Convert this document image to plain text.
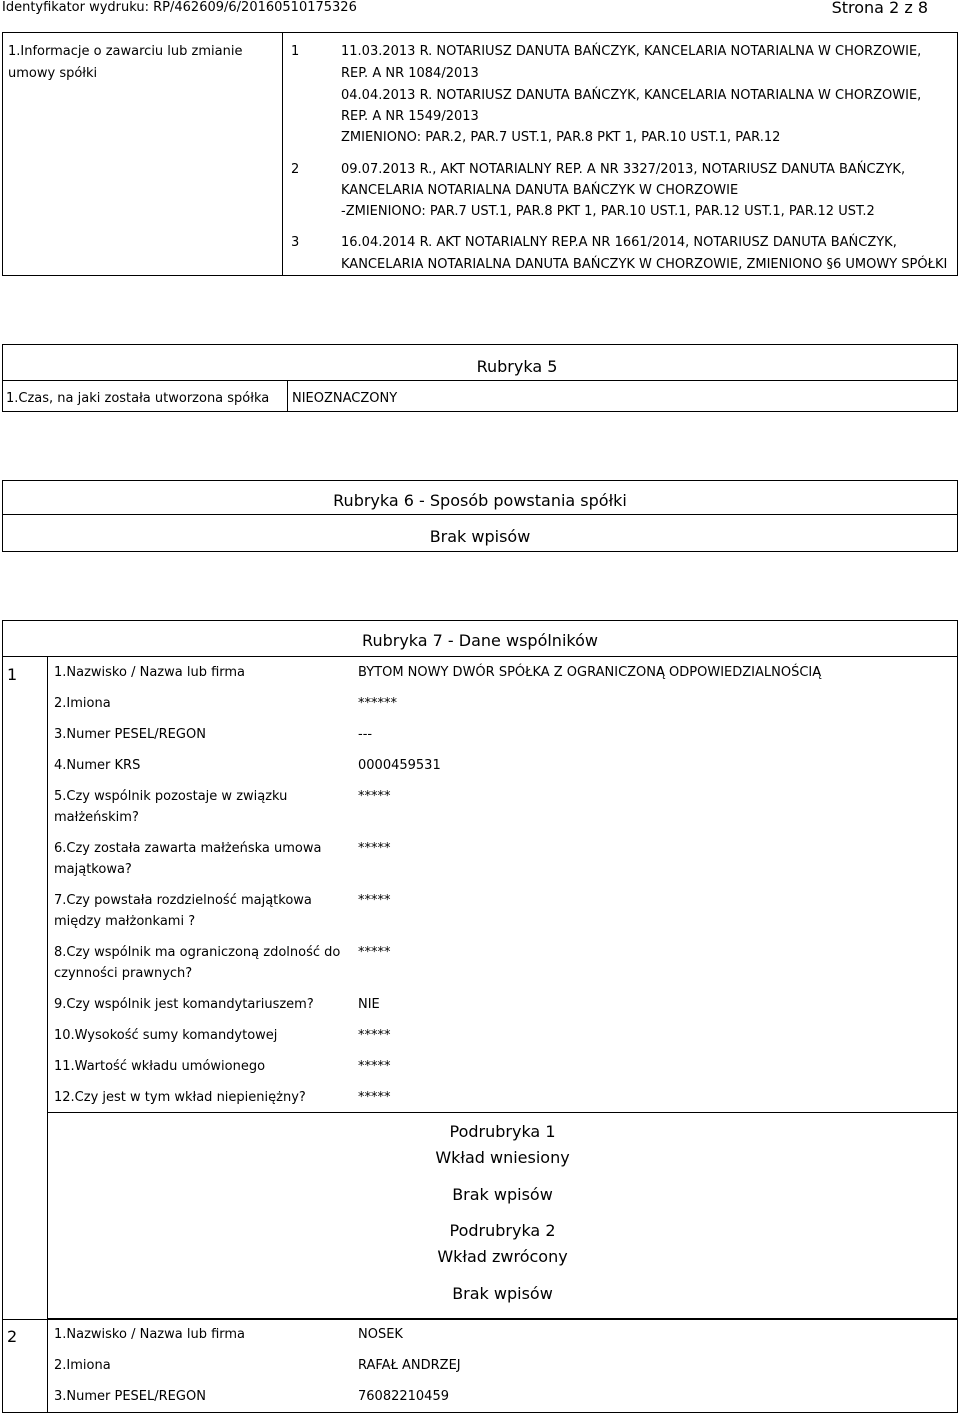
Identyfikator wydruku: RP/462609/6/20160510175326	Strona 2 z 8
1.Informacje o zawarciu lub zmianie
umowy spółki
1	11.03.2013 R. NOTARIUSZ DANUTA BAŃCZYK, KANCELARIA NOTARIALNA W CHORZOWIE,
REP. A NR 1084/2013
04.04.2013 R. NOTARIUSZ DANUTA BAŃCZYK, KANCELARIA NOTARIALNA W CHORZOWIE,
REP. A NR 1549/2013
ZMIENIONO: PAR.2, PAR.7 UST.1, PAR.8 PKT 1, PAR.10 UST.1, PAR.12
2	09.07.2013 R., AKT NOTARIALNY REP. A NR 3327/2013, NOTARIUSZ DANUTA BAŃCZYK,
KANCELARIA NOTARIALNA DANUTA BAŃCZYK W CHORZOWIE
-ZMIENIONO: PAR.7 UST.1, PAR.8 PKT 1, PAR.10 UST.1, PAR.12 UST.1, PAR.12 UST.2
3	16.04.2014 R. AKT NOTARIALNY REP.A NR 1661/2014, NOTARIUSZ DANUTA BAŃCZYK,
KANCELARIA NOTARIALNA DANUTA BAŃCZYK W CHORZOWIE, ZMIENIONO §6 UMOWY SPÓŁKI
Rubryka 5
1.Czas, na jaki została utworzona spółka NIEOZNACZONY
Rubryka 6 - Sposób powstania spółki
Brak wpisów
Rubryka 7 - Dane wspólników
1	1.Nazwisko / Nazwa lub firma	BYTOM NOWY DWÓR SPÓŁKA Z OGRANICZONĄ ODPOWIEDZIALNOŚCIĄ
2.Imiona	******
3.Numer PESEL/REGON	---
4.Numer KRS	0000459531
5.Czy wspólnik pozostaje w związku
małżeńskim?
*****
6.Czy została zawarta małżeńska umowa
majątkowa?
*****
7.Czy powstała rozdzielność majątkowa
między małżonkami ?
*****
8.Czy wspólnik ma ograniczoną zdolność do
czynności prawnych?
*****
9.Czy wspólnik jest komandytariuszem?	NIE
10.Wysokość sumy komandytowej	*****
11.Wartość wkładu umówionego	*****
12.Czy jest w tym wkład niepieniężny?	*****
Podrubryka 1
Wkład wniesiony
Brak wpisów
Podrubryka 2
Wkład zwrócony
Brak wpisów
2	1.Nazwisko / Nazwa lub firma	NOSEK
2.Imiona	RAFAŁ ANDRZEJ
3.Numer PESEL/REGON	76082210459
